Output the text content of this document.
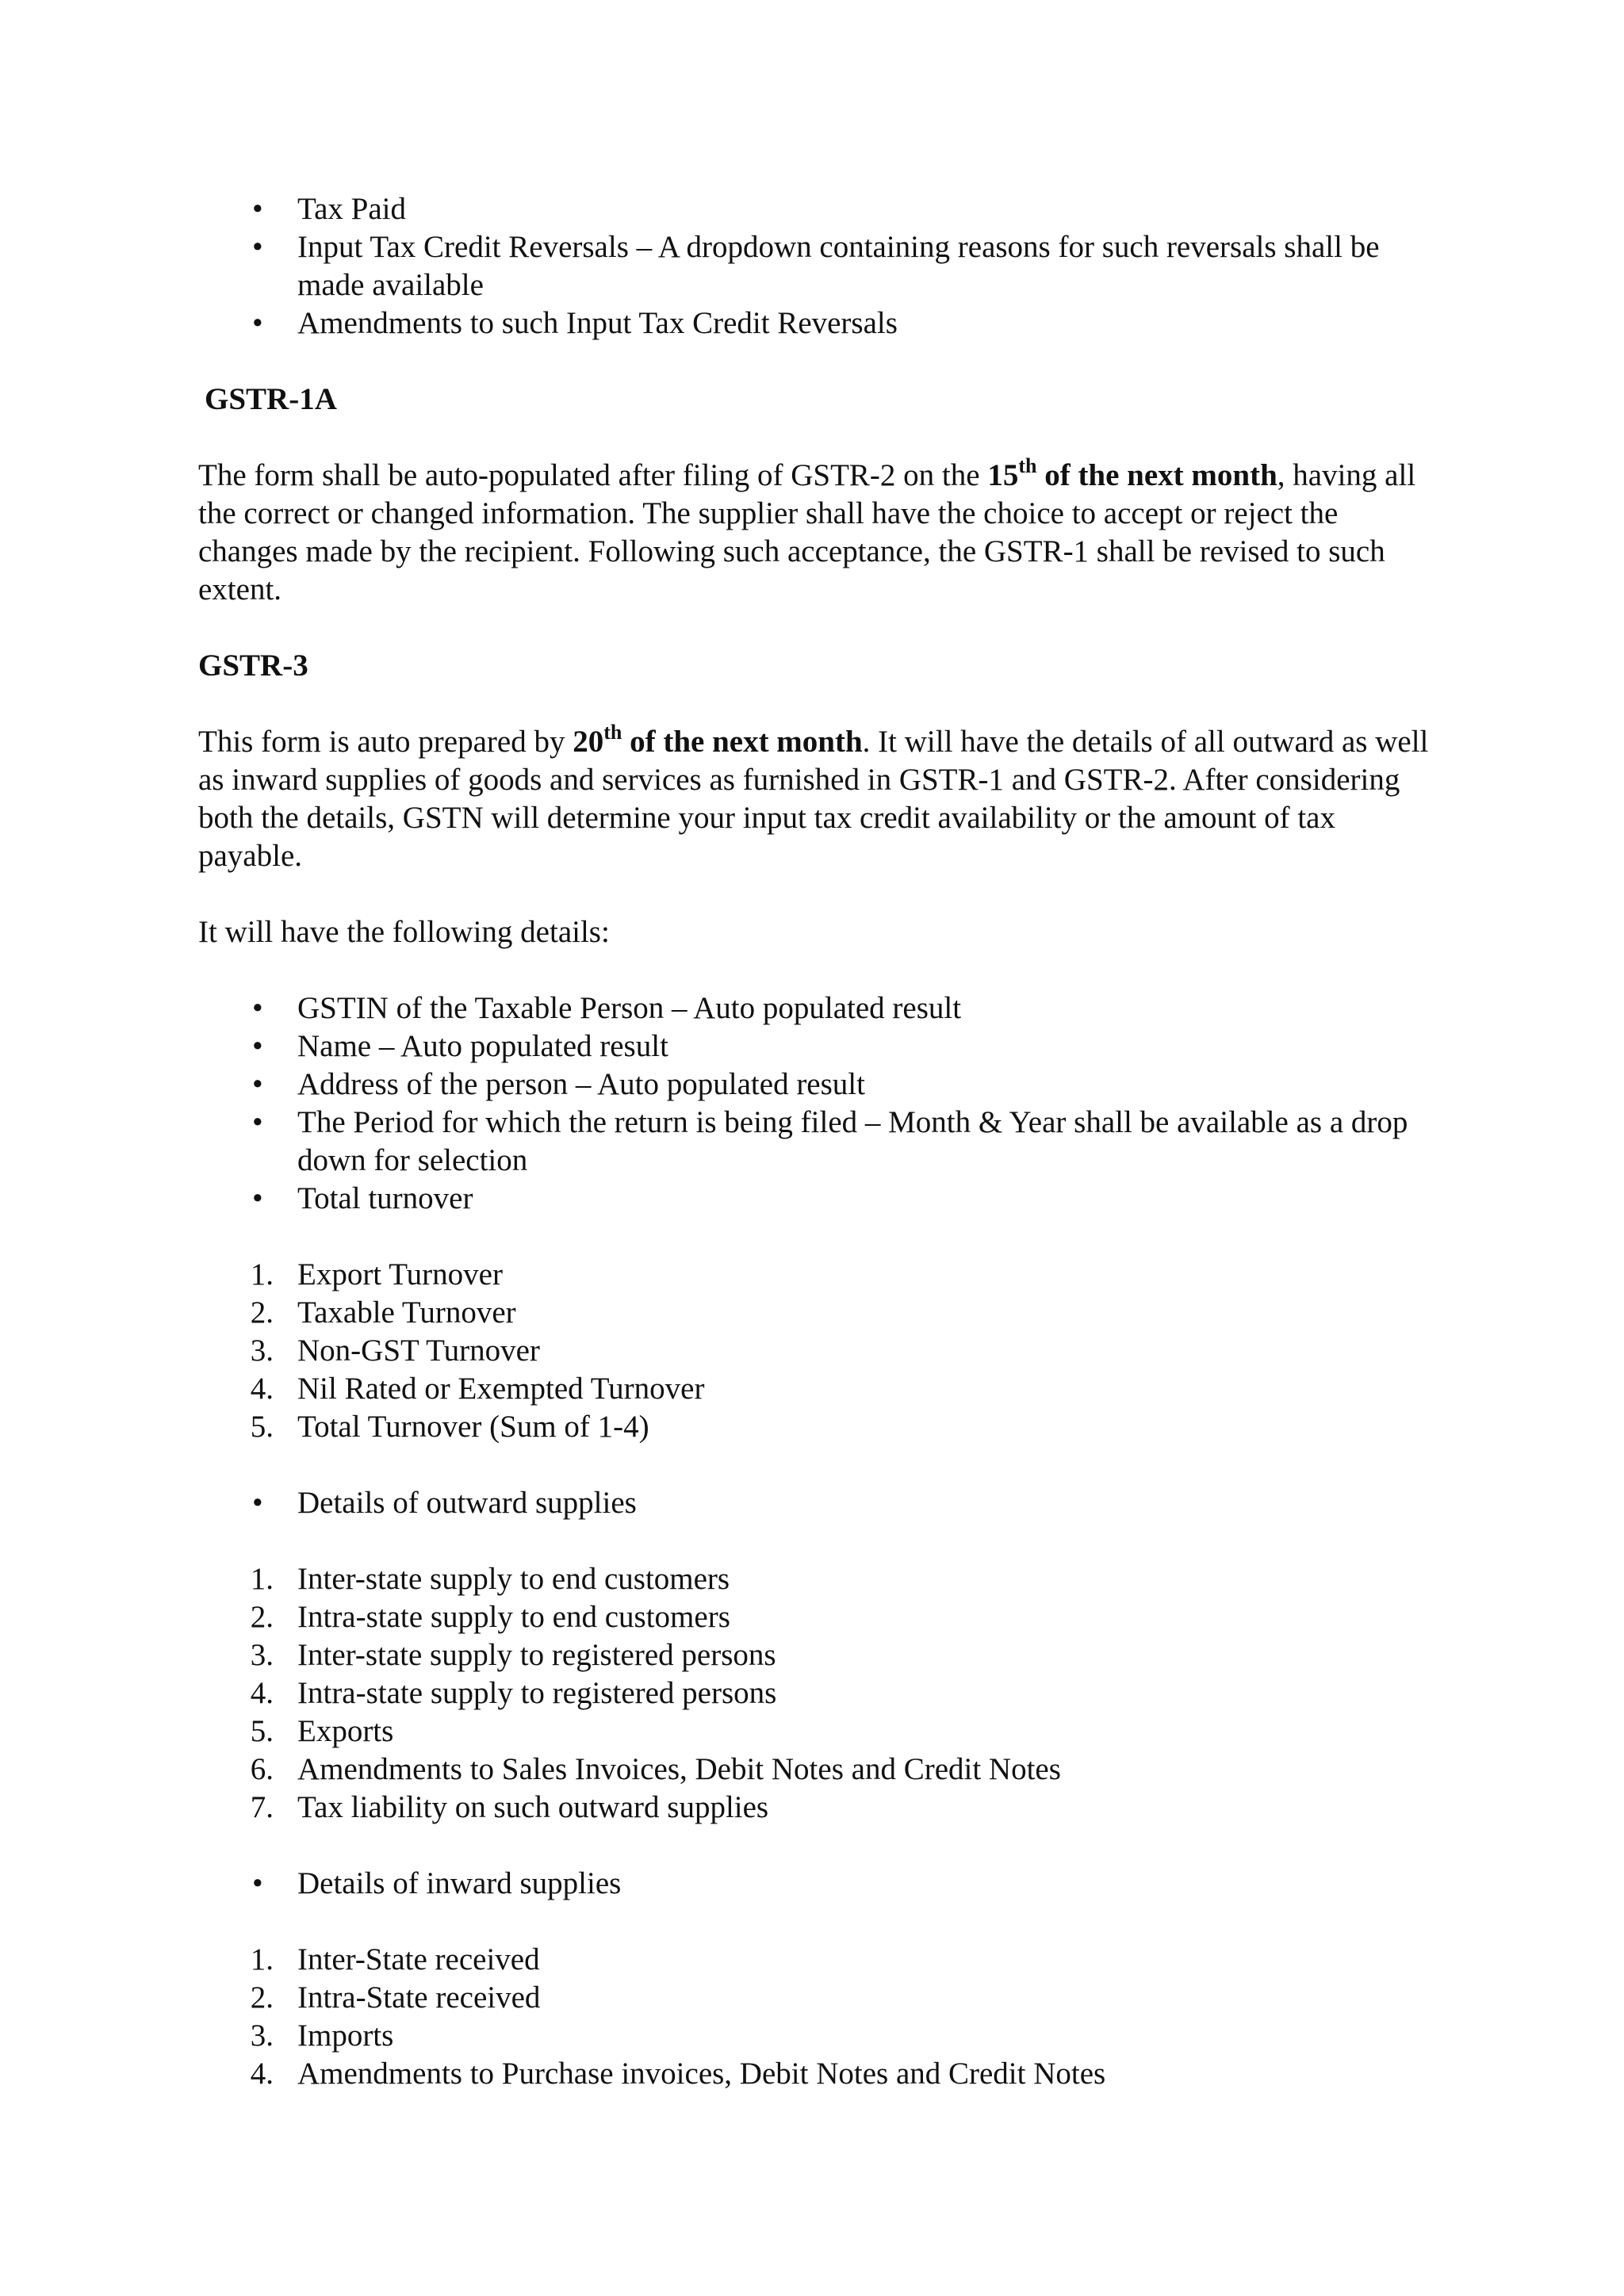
• Tax Paid
• Input Tax Credit Reversals – A dropdown containing reasons for such reversals shall be made available
• Amendments to such Input Tax Credit Reversals

GSTR-1A

The form shall be auto-populated after filing of GSTR-2 on the 15th of the next month, having all the correct or changed information. The supplier shall have the choice to accept or reject the changes made by the recipient. Following such acceptance, the GSTR-1 shall be revised to such extent.

GSTR-3

This form is auto prepared by 20th of the next month. It will have the details of all outward as well as inward supplies of goods and services as furnished in GSTR-1 and GSTR-2. After considering both the details, GSTN will determine your input tax credit availability or the amount of tax payable.

It will have the following details:

• GSTIN of the Taxable Person – Auto populated result
• Name – Auto populated result
• Address of the person – Auto populated result
• The Period for which the return is being filed – Month & Year shall be available as a drop down for selection
• Total turnover
1. Export Turnover
2. Taxable Turnover
3. Non-GST Turnover
4. Nil Rated or Exempted Turnover
5. Total Turnover (Sum of 1-4)
• Details of outward supplies
1. Inter-state supply to end customers
2. Intra-state supply to end customers
3. Inter-state supply to registered persons
4. Intra-state supply to registered persons
5. Exports
6. Amendments to Sales Invoices, Debit Notes and Credit Notes
7. Tax liability on such outward supplies
• Details of inward supplies
1. Inter-State received
2. Intra-State received
3. Imports
4. Amendments to Purchase invoices, Debit Notes and Credit Notes
